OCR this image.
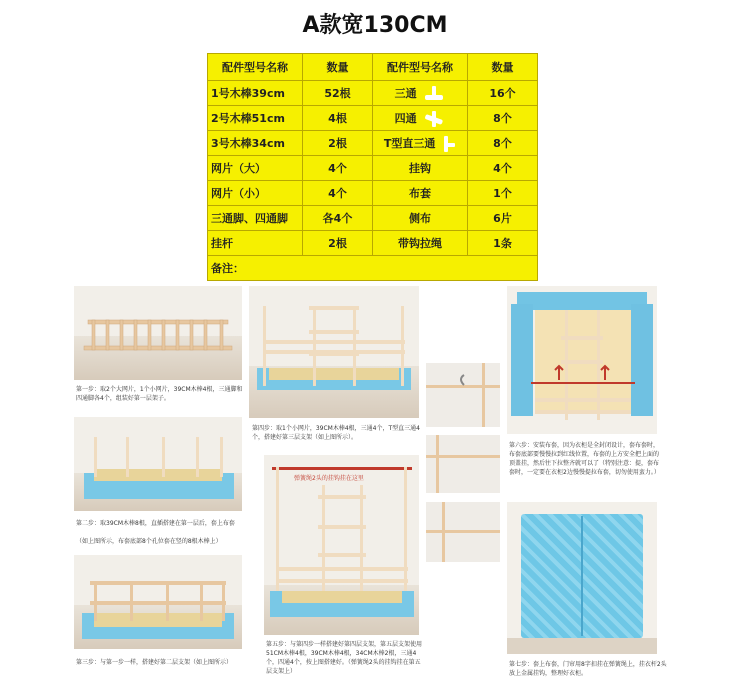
A款宽130CM
配件型号名称	数量	配件型号名称	数量
1号木棒39cm	52根	三通	16个
2号木棒51cm	4根	四通	8个
3号木棒34cm	2根	T型直三通	8个
网片（大）	4个	挂钩	4个
网片（小）	4个	布套	1个
三通脚、四通脚	各4个	侧布	6片
挂杆	2根	带钩拉绳	1条
备注：			
第一步：取2个大网片，1个小网片，39CM木棒4根，三通脚和四通脚各4个，组装好第一层架子。
第二步：取39CM木棒8根，直插搭建在第一层后，套上布套
（如上图所示，布套底部8个孔位套在竖的8根木棒上）
第三步：与第一步一样，搭建好第二层支架（如上图所示）
第四步：取1个小网片，39CM木棒4根，三通4个，T型直三通4个，搭建好第三层支架（如上图所示）。
弹簧绳2头的挂钩挂在这里
第五步：与第四步一样搭建好第四层支架，第五层支架使用51CM木棒4根，39CM木棒4根，34CM木棒2根，三通4个，四通4个，按上图搭建好。（弹簧绳2头的挂钩挂在第五层支架上）
第六步：安装布套，因为衣柜是全封闭设计，套布套时，布套底部要慢慢拉到红线位置，布套的上方安全把上面的顶盖挂，然后往下拉整齐就可以了（特别注意：提，套布套时，一定要在衣柜2边慢慢提拉布套，切勿使用蛮力。）
第七步：套上布套，门帘用8字扣挂在弹簧绳上，挂衣杆2头放上金属挂钩，整理好衣柜。
